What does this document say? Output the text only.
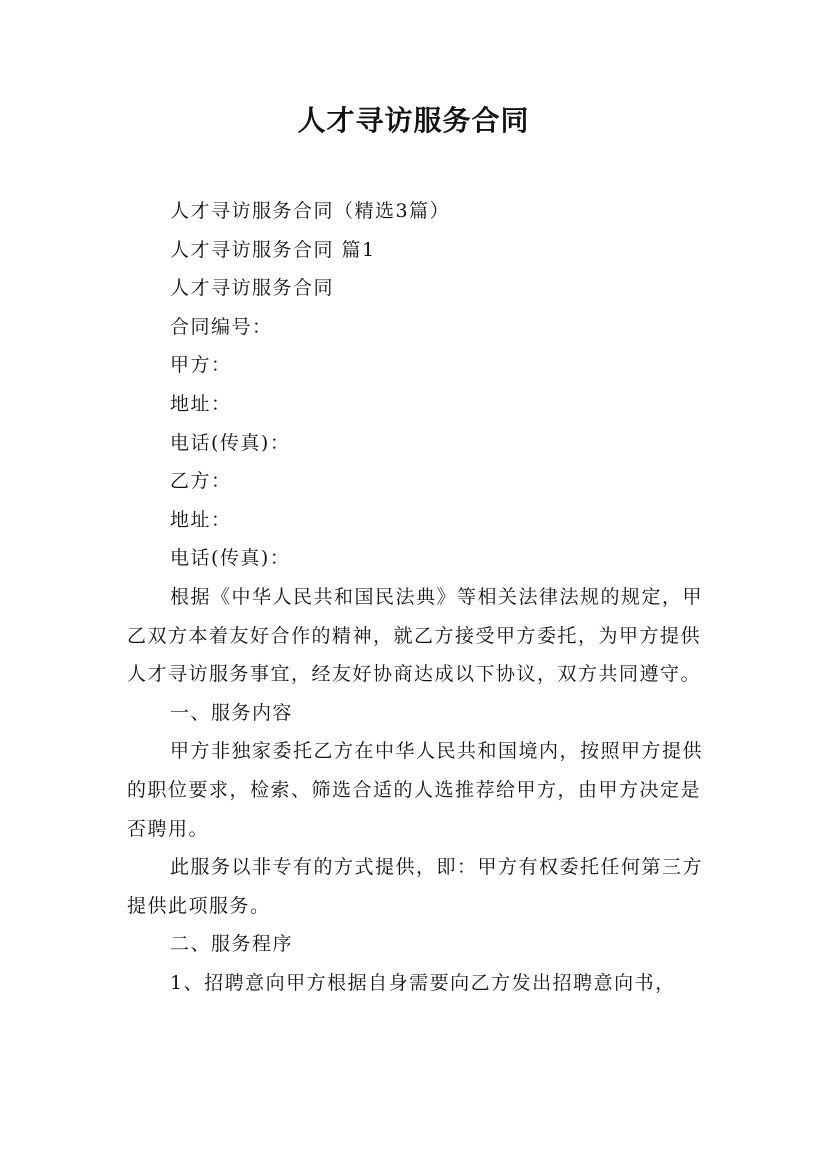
人才寻访服务合同

人才寻访服务合同（精选3篇）

人才寻访服务合同 篇1

人才寻访服务合同

合同编号：

甲方：

地址：

电话(传真)：

乙方：

地址：

电话(传真)：

根据《中华人民共和国民法典》等相关法律法规的规定，甲乙双方本着友好合作的精神，就乙方接受甲方委托，为甲方提供人才寻访服务事宜，经友好协商达成以下协议，双方共同遵守。

一、服务内容

甲方非独家委托乙方在中华人民共和国境内，按照甲方提供的职位要求，检索、筛选合适的人选推荐给甲方，由甲方决定是否聘用。

此服务以非专有的方式提供，即：甲方有权委托任何第三方提供此项服务。

二、服务程序

1、招聘意向甲方根据自身需要向乙方发出招聘意向书，
